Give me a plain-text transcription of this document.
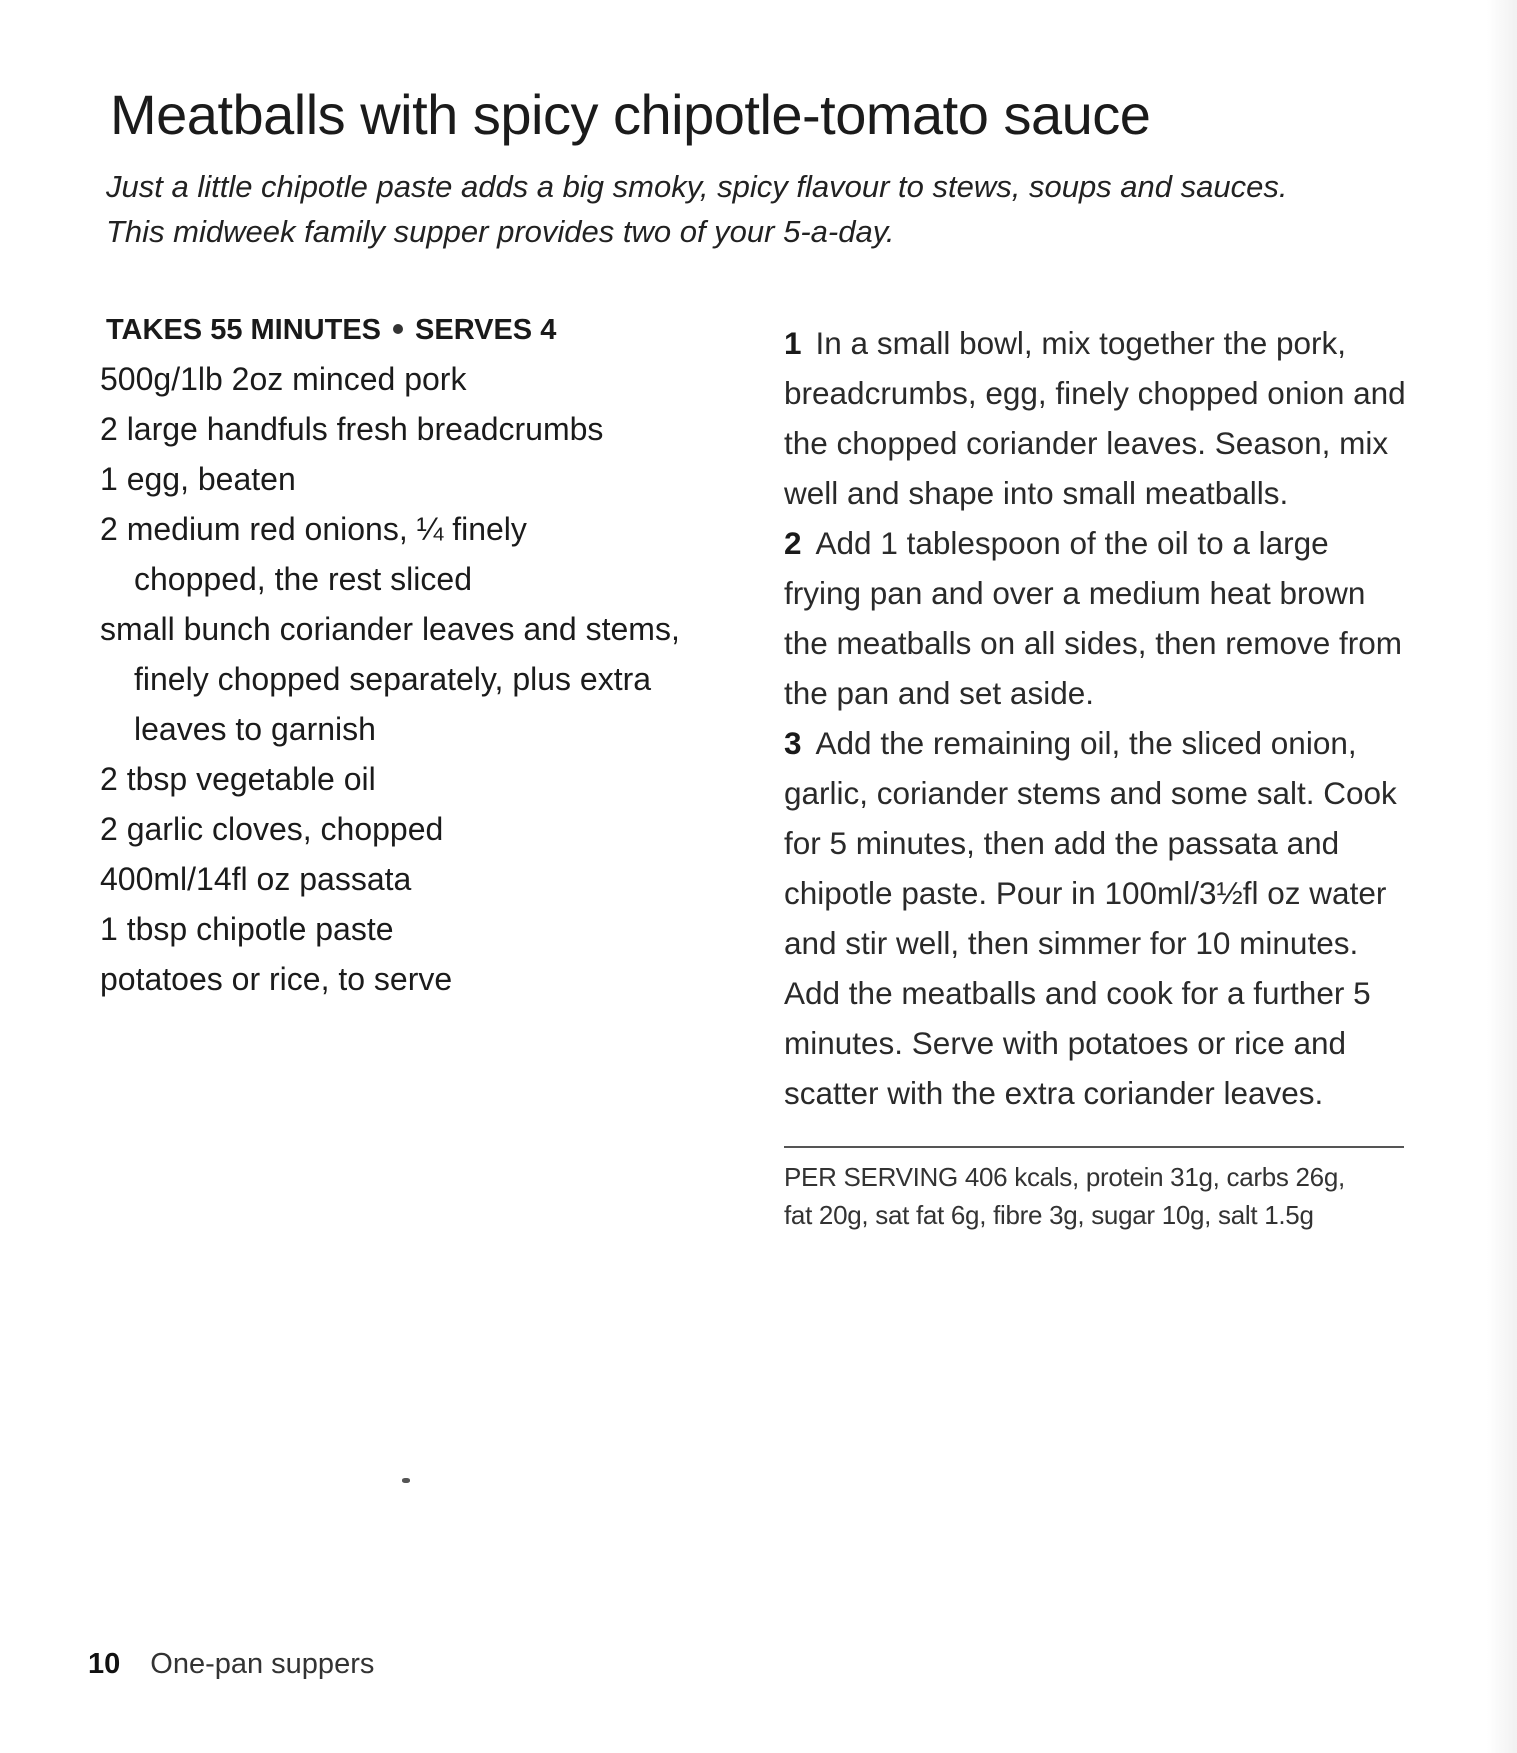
Meatballs with spicy chipotle-tomato sauce

Just a little chipotle paste adds a big smoky, spicy flavour to stews, soups and sauces.
This midweek family supper provides two of your 5-a-day.

TAKES 55 MINUTES SERVES 4

500g/1lb 2oz minced pork
2 large handfuls fresh breadcrumbs
1 egg, beaten
2 medium red onions, ¼ finely chopped, the rest sliced
small bunch coriander leaves and stems, finely chopped separately, plus extra leaves to garnish
2 tbsp vegetable oil
2 garlic cloves, chopped
400ml/14fl oz passata
1 tbsp chipotle paste
potatoes or rice, to serve

1 In a small bowl, mix together the pork, breadcrumbs, egg, finely chopped onion and the chopped coriander leaves. Season, mix well and shape into small meatballs.

2 Add 1 tablespoon of the oil to a large frying pan and over a medium heat brown the meatballs on all sides, then remove from the pan and set aside.

3 Add the remaining oil, the sliced onion, garlic, coriander stems and some salt. Cook for 5 minutes, then add the passata and chipotle paste. Pour in 100ml/3½fl oz water and stir well, then simmer for 10 minutes. Add the meatballs and cook for a further 5 minutes. Serve with potatoes or rice and scatter with the extra coriander leaves.

PER SERVING 406 kcals, protein 31g, carbs 26g,
fat 20g, sat fat 6g, fibre 3g, sugar 10g, salt 1.5g

10 One-pan suppers
